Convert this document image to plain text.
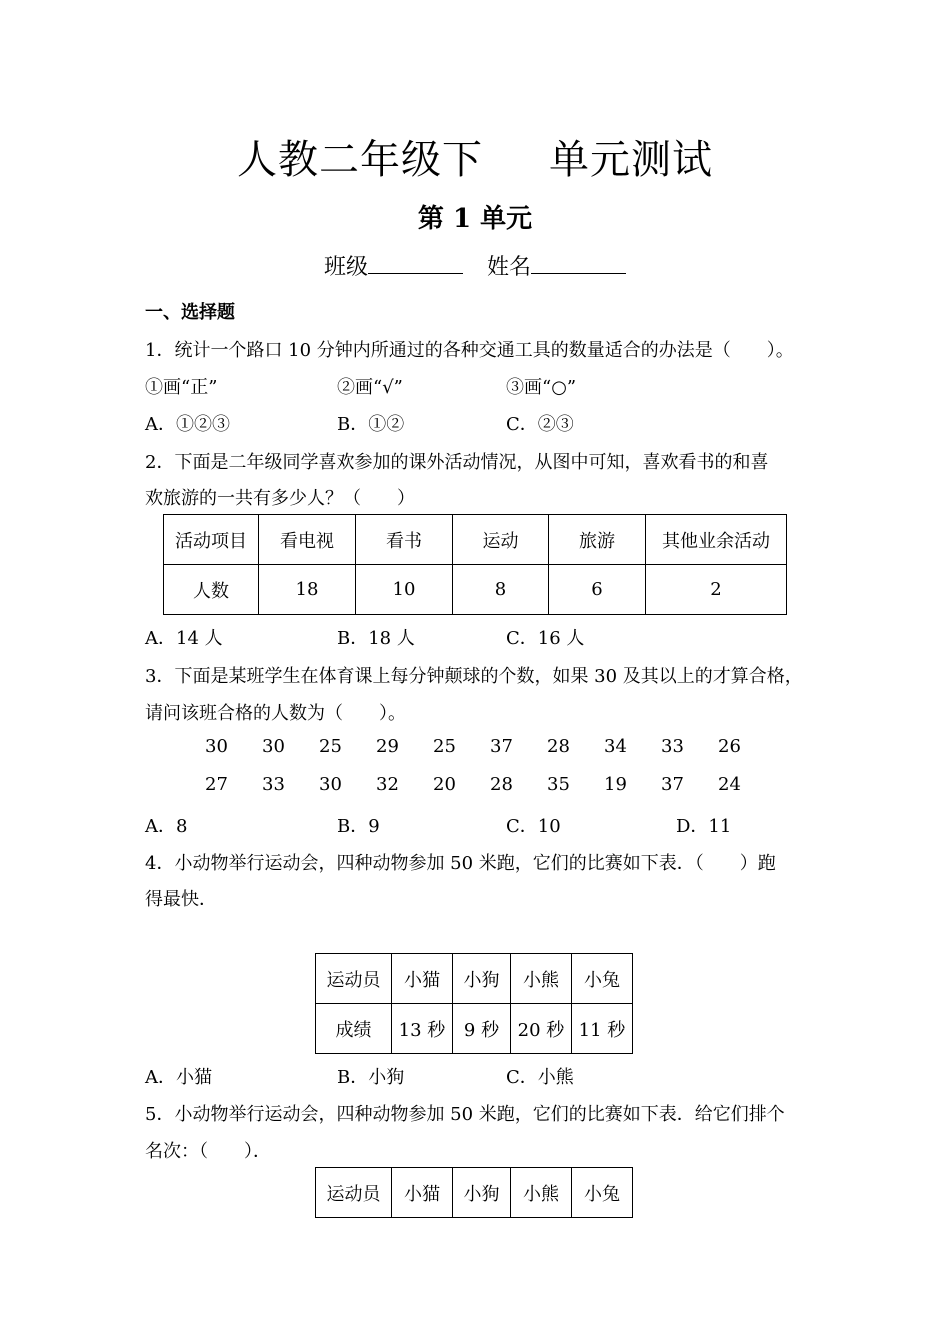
人教二年级下 单元测试
第 1 单元
班级	姓名
一、选择题
1．统计一个路口 10 分钟内所通过的各种交通工具的数量适合的办法是（　　）。
①画“正”	②画“√”	③画“○”
A．①②③	B．①②	C．②③
2．下面是二年级同学喜欢参加的课外活动情况，从图中可知，喜欢看书的和喜
欢旅游的一共有多少人？（　　）
活动项目	看电视	看书	运动	旅游	其他业余活动
人数	18	10	8	6	2
A．14 人	B．18 人	C．16 人
3．下面是某班学生在体育课上每分钟颠球的个数，如果 30 及其以上的才算合格，
请问该班合格的人数为（　　）。
30	30	25	29	25	37	28	34	33	26
27	33	30	32	20	28	35	19	37	24
A．8	B．9	C．10	D．11
4．小动物举行运动会，四种动物参加 50 米跑，它们的比赛如下表．（　　）跑
得最快．
运动员	小猫	小狗	小熊	小兔
成绩	13 秒	9 秒	20 秒	11 秒
A．小猫	B．小狗	C．小熊
5．小动物举行运动会，四种动物参加 50 米跑，它们的比赛如下表．给它们排个
名次：（　　）．
运动员	小猫	小狗	小熊	小兔
